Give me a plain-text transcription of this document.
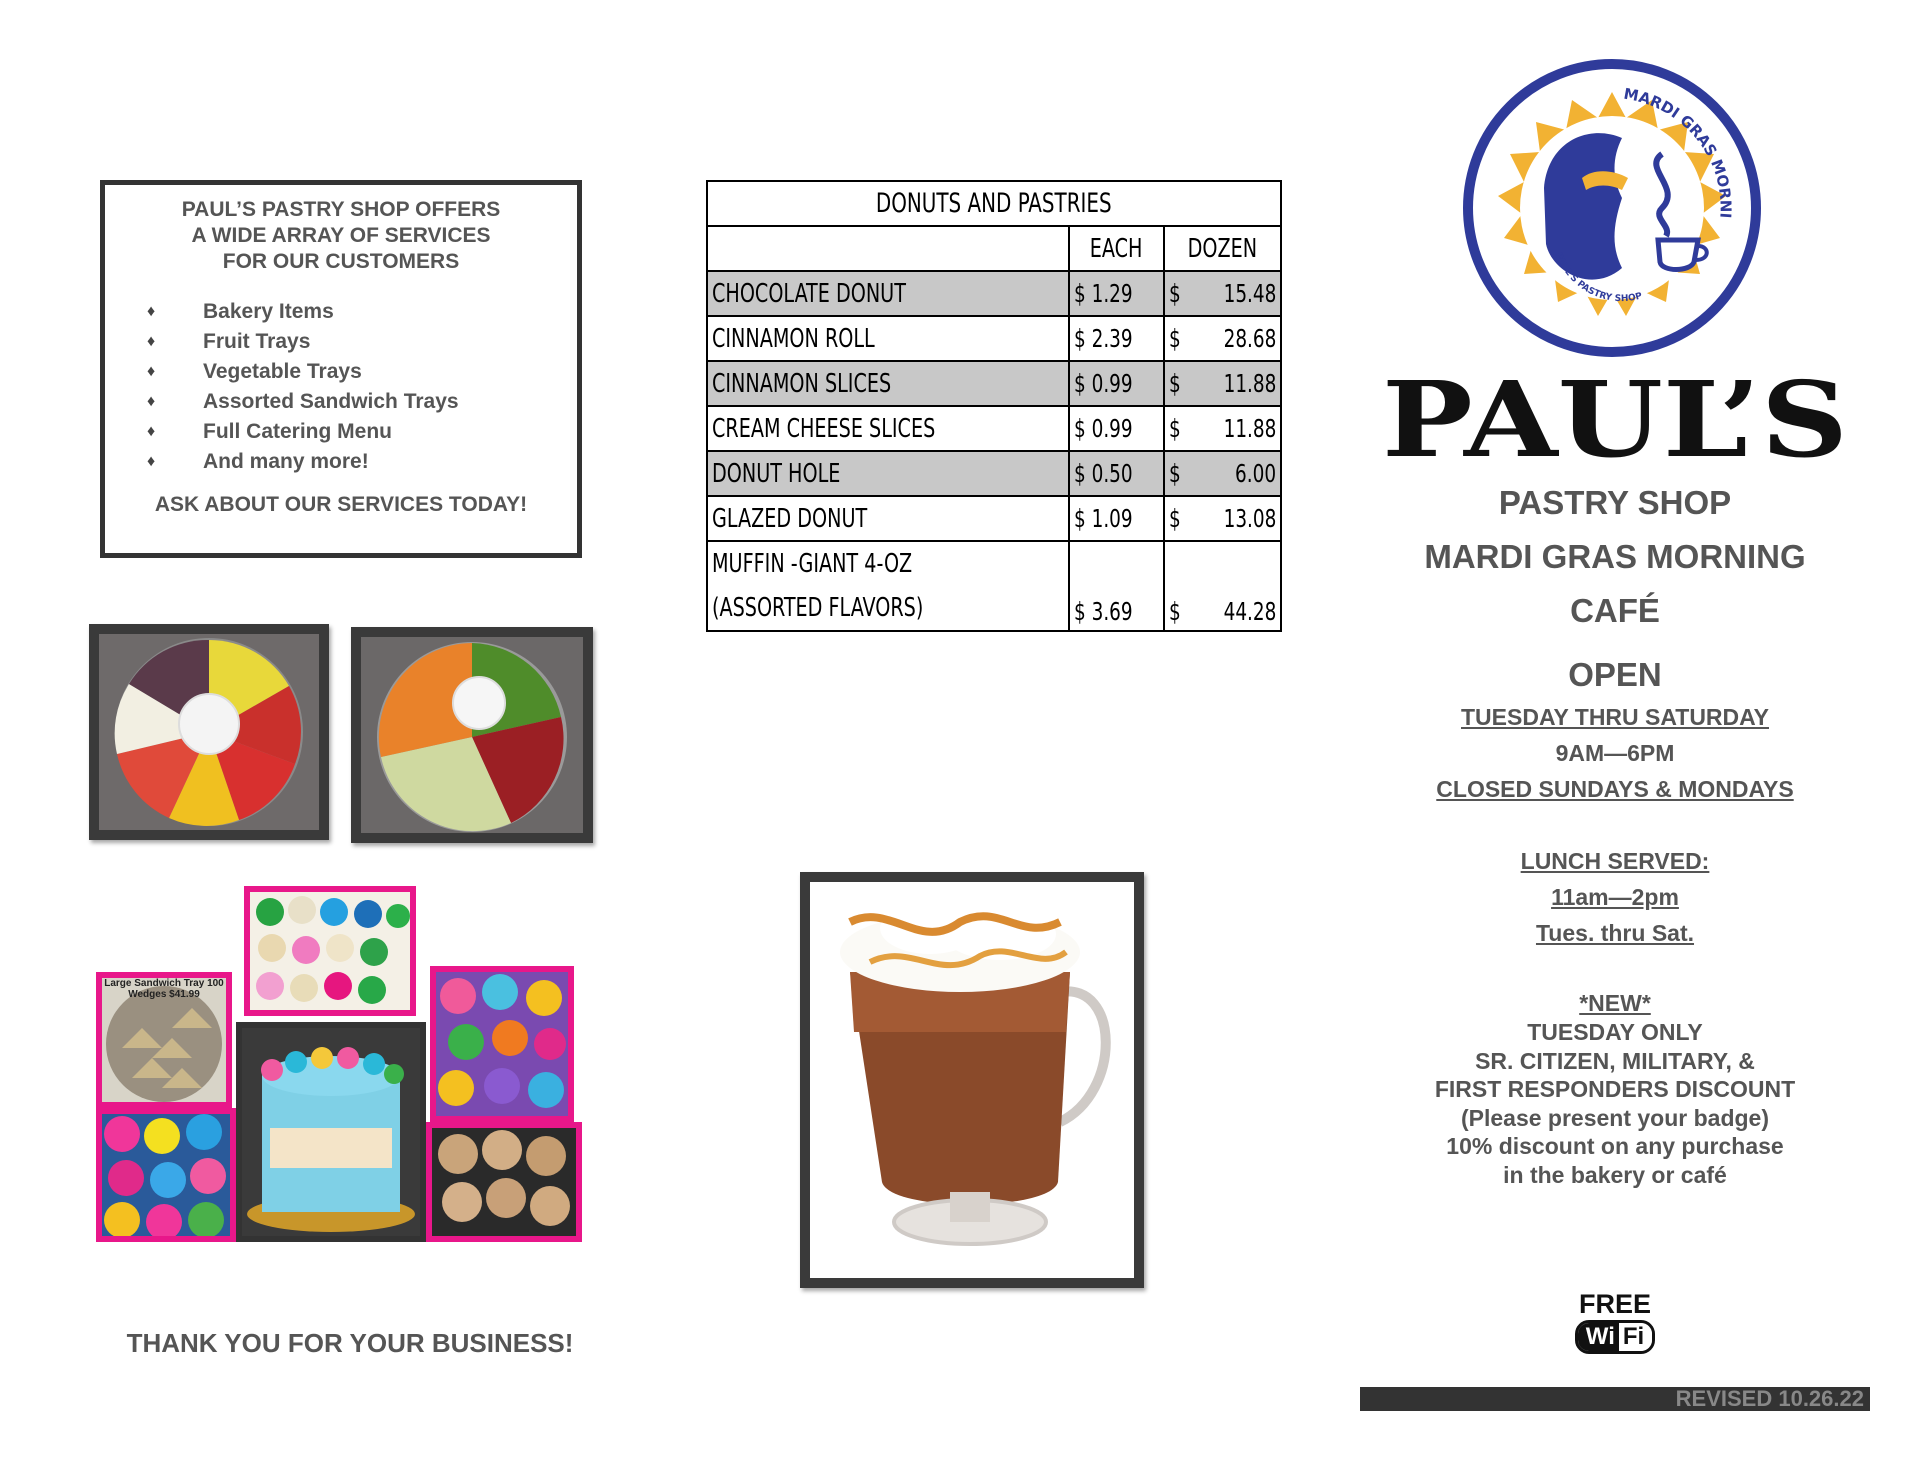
PAUL’S PASTRY SHOP OFFERS
A WIDE ARRAY OF SERVICES
FOR OUR CUSTOMERS
♦ Bakery Items
♦ Fruit Trays
♦ Vegetable Trays
♦ Assorted Sandwich Trays
♦ Full Catering Menu
♦ And many more!
ASK ABOUT OUR SERVICES TODAY!
DONUTS AND PASTRIES		
	EACH	DOZEN
CHOCOLATE DONUT	$ 1.29	$ 15.48

CINNAMON ROLL	$ 2.39	$ 28.68

CINNAMON SLICES	$ 0.99	$ 11.88

CREAM CHEESE SLICES	$ 0.99	$ 11.88

DONUT HOLE	$ 0.50	$ 6.00

GLAZED DONUT	$ 1.09	$ 13.08

MUFFIN -GIANT 4-OZ
(ASSORTED FLAVORS)	$ 3.69	$ 44.28
Large Sandwich Tray 100 Wedges $41.99
THANK YOU FOR YOUR BUSINESS!
MARDI GRAS MORNI
PAUL'S PASTRY SHOP
PAUL’S
PASTRY SHOP
MARDI GRAS MORNING
CAFÉ
OPEN
TUESDAY THRU SATURDAY
9AM—6PM
CLOSED SUNDAYS & MONDAYS
LUNCH SERVED:
11am—2pm
Tues. thru Sat.
*NEW*
TUESDAY ONLY
SR. CITIZEN, MILITARY, &
FIRST RESPONDERS DISCOUNT
(Please present your badge)
10% discount on any purchase
in the bakery or café
FREE
Wi Fi
REVISED 10.26.22
